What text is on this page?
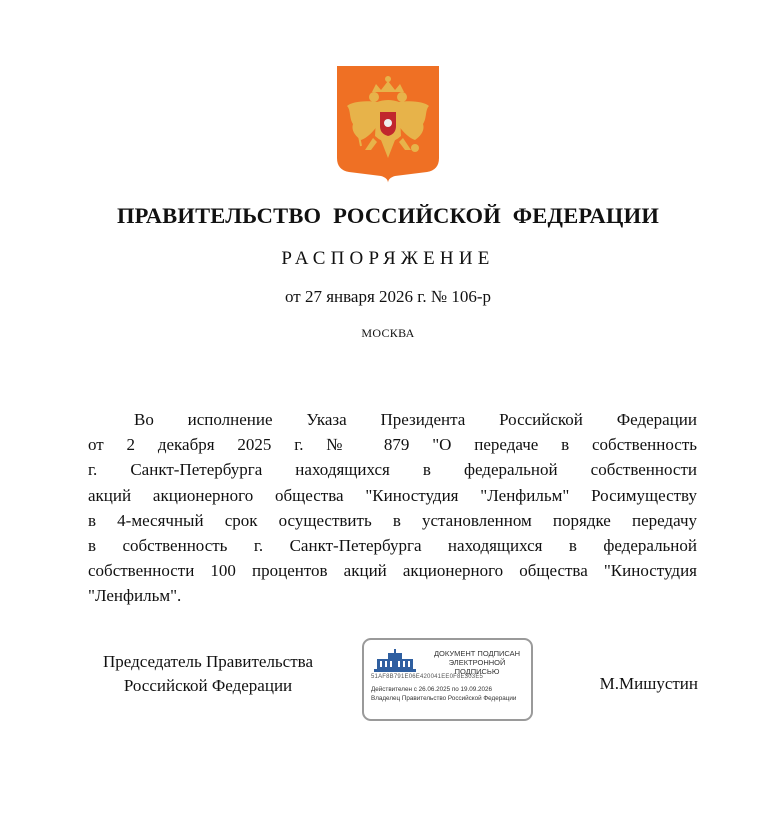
ПРАВИТЕЛЬСТВО РОССИЙСКОЙ ФЕДЕРАЦИИ
РАСПОРЯЖЕНИЕ
от 27 января 2026 г. № 106-р
МОСКВА
Во исполнение Указа Президента Российской Федерации
от 2 декабря 2025 г. № 879 "О передаче в собственность
г. Санкт-Петербурга находящихся в федеральной собственности
акций акционерного общества "Киностудия "Ленфильм" Росимуществу
в 4-месячный срок осуществить в установленном порядке передачу
в собственность г. Санкт-Петербурга находящихся в федеральной
собственности 100 процентов акций акционерного общества "Киностудия
"Ленфильм".
Председатель Правительства
Российской Федерации
ДОКУМЕНТ ПОДПИСАН
ЭЛЕКТРОННОЙ ПОДПИСЬЮ
51AF8B791E06E420041EE0F8E303E5
Действителен с 26.06.2025 по 19.09.2026
Владелец Правительство Российской Федерации
М.Мишустин
